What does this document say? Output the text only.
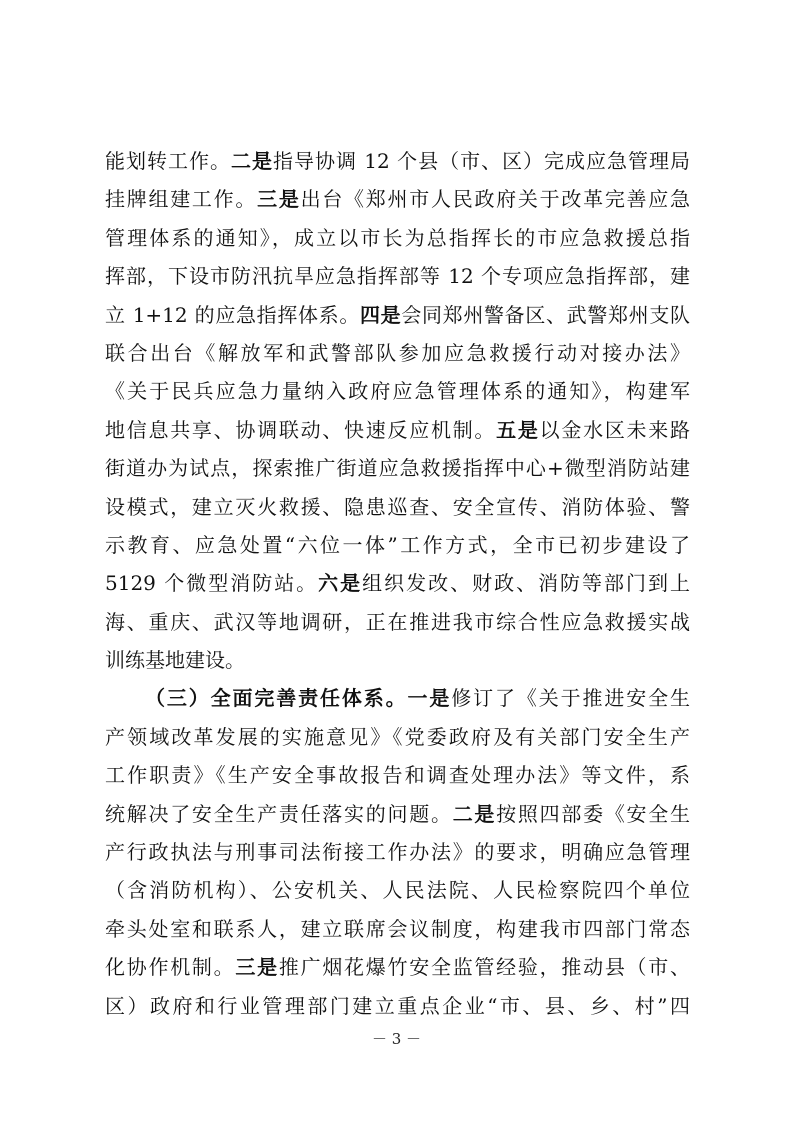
能划转工作。二是指导协调 12 个县（市、区）完成应急管理局
挂牌组建工作。三是出台《郑州市人民政府关于改革完善应急
管理体系的通知》，成立以市长为总指挥长的市应急救援总指
挥部，下设市防汛抗旱应急指挥部等 12 个专项应急指挥部，建
立 1+12 的应急指挥体系。四是会同郑州警备区、武警郑州支队
联合出台《解放军和武警部队参加应急救援行动对接办法》
《关于民兵应急力量纳入政府应急管理体系的通知》，构建军
地信息共享、协调联动、快速反应机制。五是以金水区未来路
街道办为试点，探索推广街道应急救援指挥中心+微型消防站建
设模式，建立灭火救援、隐患巡查、安全宣传、消防体验、警
示教育、应急处置“六位一体”工作方式，全市已初步建设了
5129 个微型消防站。六是组织发改、财政、消防等部门到上
海、重庆、武汉等地调研，正在推进我市综合性应急救援实战
训练基地建设。
（三）全面完善责任体系。一是修订了《关于推进安全生
产领域改革发展的实施意见》《党委政府及有关部门安全生产
工作职责》《生产安全事故报告和调查处理办法》等文件，系
统解决了安全生产责任落实的问题。二是按照四部委《安全生
产行政执法与刑事司法衔接工作办法》的要求，明确应急管理
（含消防机构）、公安机关、人民法院、人民检察院四个单位
牵头处室和联系人，建立联席会议制度，构建我市四部门常态
化协作机制。三是推广烟花爆竹安全监管经验，推动县（市、
区）政府和行业管理部门建立重点企业“市、县、乡、村”四
－ 3 －
